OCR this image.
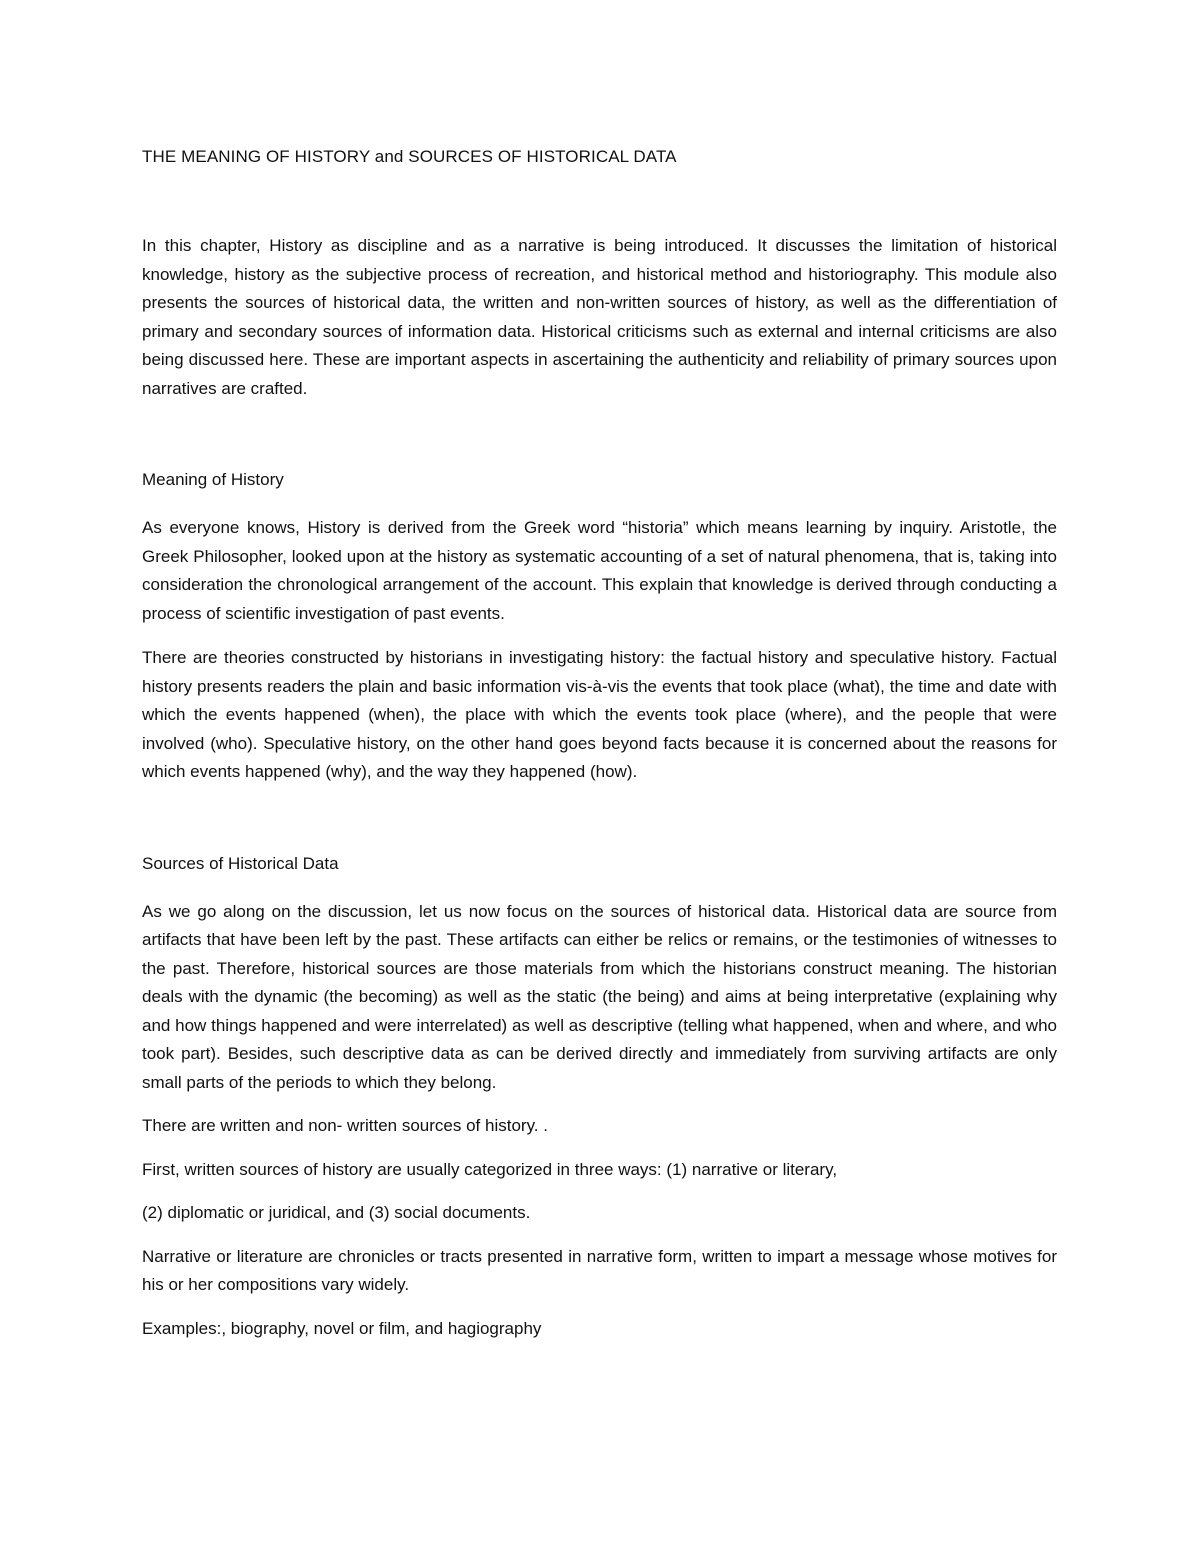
THE MEANING OF HISTORY and SOURCES OF HISTORICAL DATA

In this chapter, History as discipline and as a narrative is being introduced. It discusses the limitation of historical knowledge, history as the subjective process of recreation, and historical method and historiography. This module also presents the sources of historical data, the written and non-written sources of history, as well as the differentiation of primary and secondary sources of information data. Historical criticisms such as external and internal criticisms are also being discussed here. These are important aspects in ascertaining the authenticity and reliability of primary sources upon narratives are crafted.

Meaning of History

As everyone knows, History is derived from the Greek word “historia” which means learning by inquiry. Aristotle, the Greek Philosopher, looked upon at the history as systematic accounting of a set of natural phenomena, that is, taking into consideration the chronological arrangement of the account. This explain that knowledge is derived through conducting a process of scientific investigation of past events.

There are theories constructed by historians in investigating history: the factual history and speculative history. Factual history presents readers the plain and basic information vis-à-vis the events that took place (what), the time and date with which the events happened (when), the place with which the events took place (where), and the people that were involved (who). Speculative history, on the other hand goes beyond facts because it is concerned about the reasons for which events happened (why), and the way they happened (how).

Sources of Historical Data

As we go along on the discussion, let us now focus on the sources of historical data. Historical data are source from artifacts that have been left by the past. These artifacts can either be relics or remains, or the testimonies of witnesses to the past. Therefore, historical sources are those materials from which the historians construct meaning. The historian deals with the dynamic (the becoming) as well as the static (the being) and aims at being interpretative (explaining why and how things happened and were interrelated) as well as descriptive (telling what happened, when and where, and who took part). Besides, such descriptive data as can be derived directly and immediately from surviving artifacts are only small parts of the periods to which they belong.

There are written and non- written sources of history. .

First, written sources of history are usually categorized in three ways: (1) narrative or literary,

(2) diplomatic or juridical, and (3) social documents.

Narrative or literature are chronicles or tracts presented in narrative form, written to impart a message whose motives for his or her compositions vary widely.

Examples:, biography, novel or film, and hagiography
